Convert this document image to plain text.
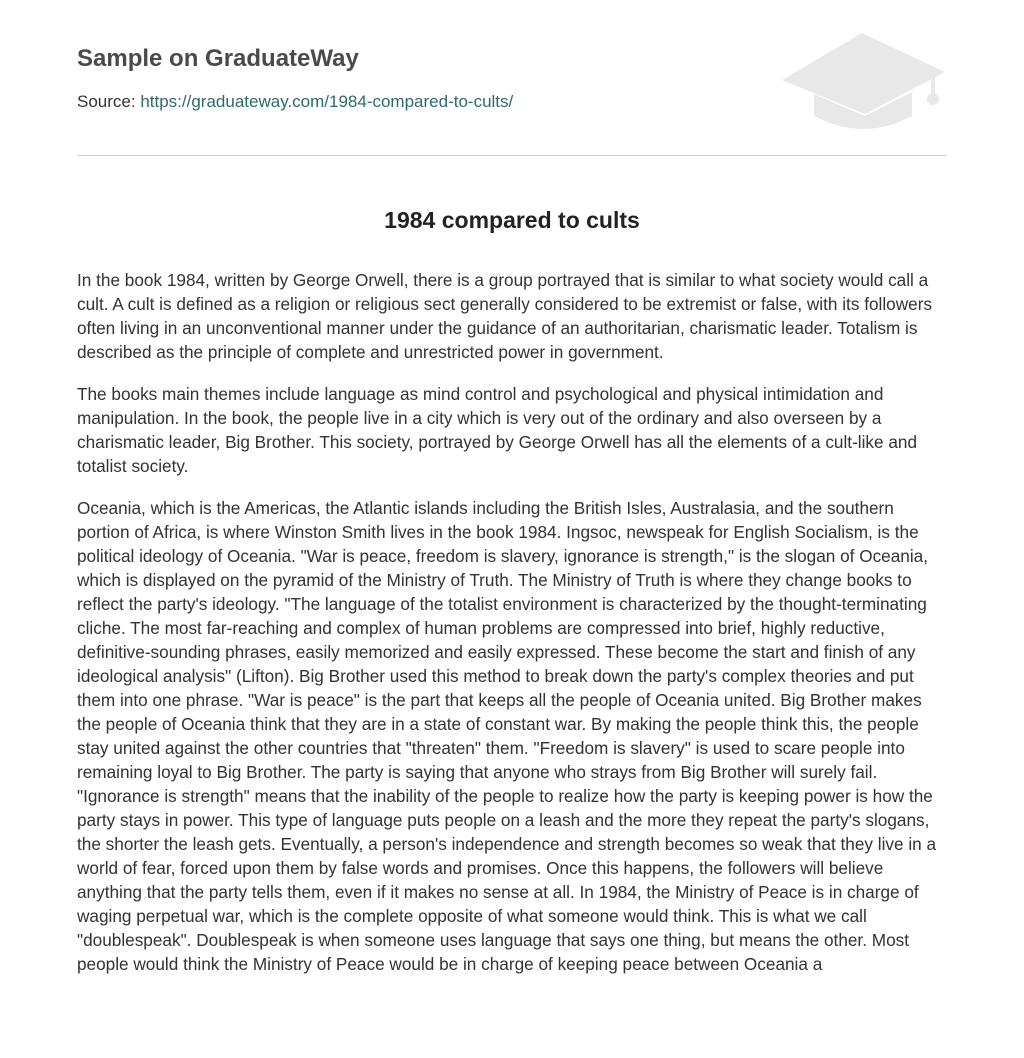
Sample on GraduateWay
Source: https://graduateway.com/1984-compared-to-cults/
1984 compared to cults

In the book 1984, written by George Orwell, there is a group portrayed that is similar to what society would call a cult. A cult is defined as a religion or religious sect generally considered to be extremist or false, with its followers often living in an unconventional manner under the guidance of an authoritarian, charismatic leader. Totalism is described as the principle of complete and unrestricted power in government.

The books main themes include language as mind control and psychological and physical intimidation and manipulation. In the book, the people live in a city which is very out of the ordinary and also overseen by a charismatic leader, Big Brother. This society, portrayed by George Orwell has all the elements of a cult-like and totalist society.

Oceania, which is the Americas, the Atlantic islands including the British Isles, Australasia, and the southern portion of Africa, is where Winston Smith lives in the book 1984. Ingsoc, newspeak for English Socialism, is the political ideology of Oceania. "War is peace, freedom is slavery, ignorance is strength," is the slogan of Oceania, which is displayed on the pyramid of the Ministry of Truth. The Ministry of Truth is where they change books to reflect the party's ideology. "The language of the totalist environment is characterized by the thought-terminating cliche. The most far-reaching and complex of human problems are compressed into brief, highly reductive, definitive-sounding phrases, easily memorized and easily expressed. These become the start and finish of any ideological analysis" (Lifton). Big Brother used this method to break down the party's complex theories and put them into one phrase. "War is peace" is the part that keeps all the people of Oceania united. Big Brother makes the people of Oceania think that they are in a state of constant war. By making the people think this, the people stay united against the other countries that "threaten" them. "Freedom is slavery" is used to scare people into remaining loyal to Big Brother. The party is saying that anyone who strays from Big Brother will surely fail. "Ignorance is strength" means that the inability of the people to realize how the party is keeping power is how the party stays in power. This type of language puts people on a leash and the more they repeat the party's slogans, the shorter the leash gets. Eventually, a person's independence and strength becomes so weak that they live in a world of fear, forced upon them by false words and promises. Once this happens, the followers will believe anything that the party tells them, even if it makes no sense at all. In 1984, the Ministry of Peace is in charge of waging perpetual war, which is the complete opposite of what someone would think. This is what we call "doublespeak". Doublespeak is when someone uses language that says one thing, but means the other. Most people would think the Ministry of Peace would be in charge of keeping peace between Oceania a
